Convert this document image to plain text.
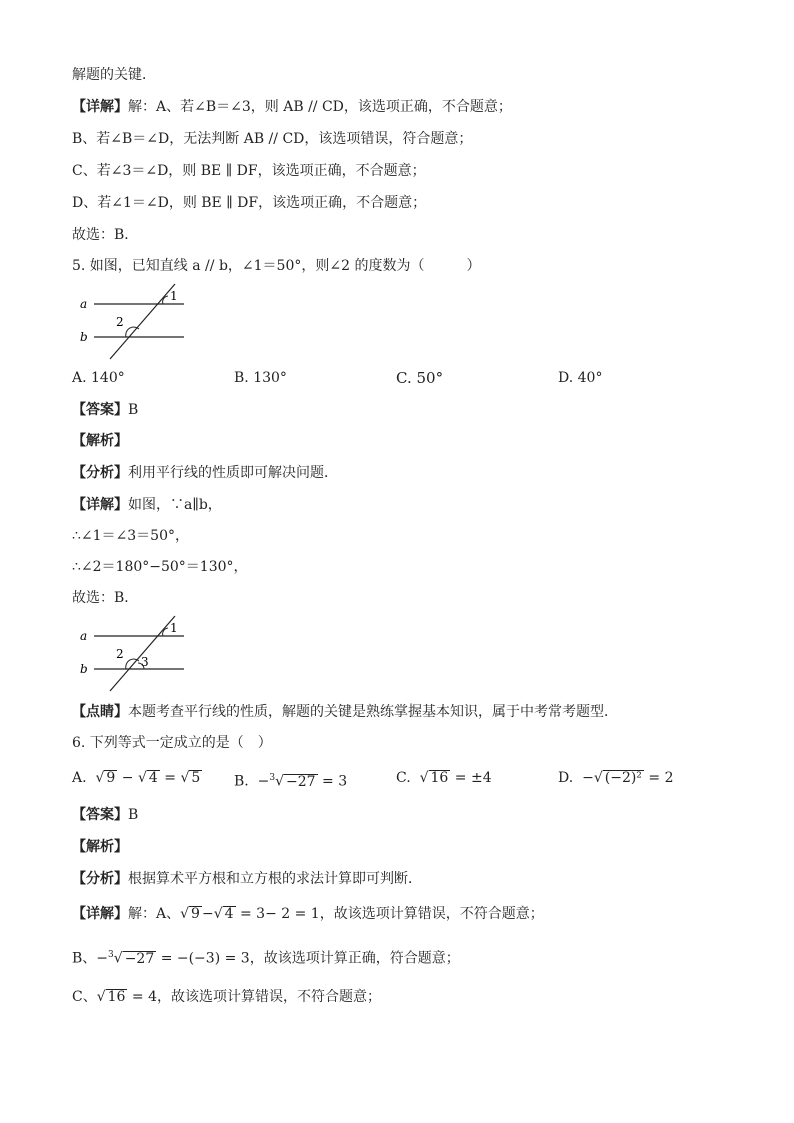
解题的关键．
【详解】解：A、若∠B＝∠3，则 AB // CD，该选项正确，不合题意；
B、若∠B＝∠D，无法判断 AB // CD，该选项错误，符合题意；
C、若∠3＝∠D，则 BE ∥ DF，该选项正确，不合题意；
D、若∠1＝∠D，则 BE ∥ DF，该选项正确，不合题意；
故选：B．
5. 如图，已知直线 a // b，∠1＝50°，则∠2 的度数为（　　　）
a
b
1
2
A. 140°	B. 130°	C. 50°	D. 40°
【答案】B
【解析】
【分析】利用平行线的性质即可解决问题．
【详解】如图，∵a∥b，
∴∠1＝∠3＝50°，
∴∠2＝180°−50°＝130°，
故选：B．
a
b
1
2
3
【点睛】本题考查平行线的性质，解题的关键是熟练掌握基本知识，属于中考常考题型．
6. 下列等式一定成立的是（　）
A. √ 9 − √ 4 = √ 5 B. −$^3$√ −27 = 3	C. √ 16 = ±4	D. −√ (−2)² = 2
【答案】B
【解析】
【分析】根据算术平方根和立方根的求法计算即可判断．
【详解】解：A、√ 9 −√ 4 = 3− 2 = 1，故该选项计算错误，不符合题意；
B、−$^3$√ −27 = −(−3) = 3，故该选项计算正确，符合题意；
C、√ 16 = 4，故该选项计算错误，不符合题意；
